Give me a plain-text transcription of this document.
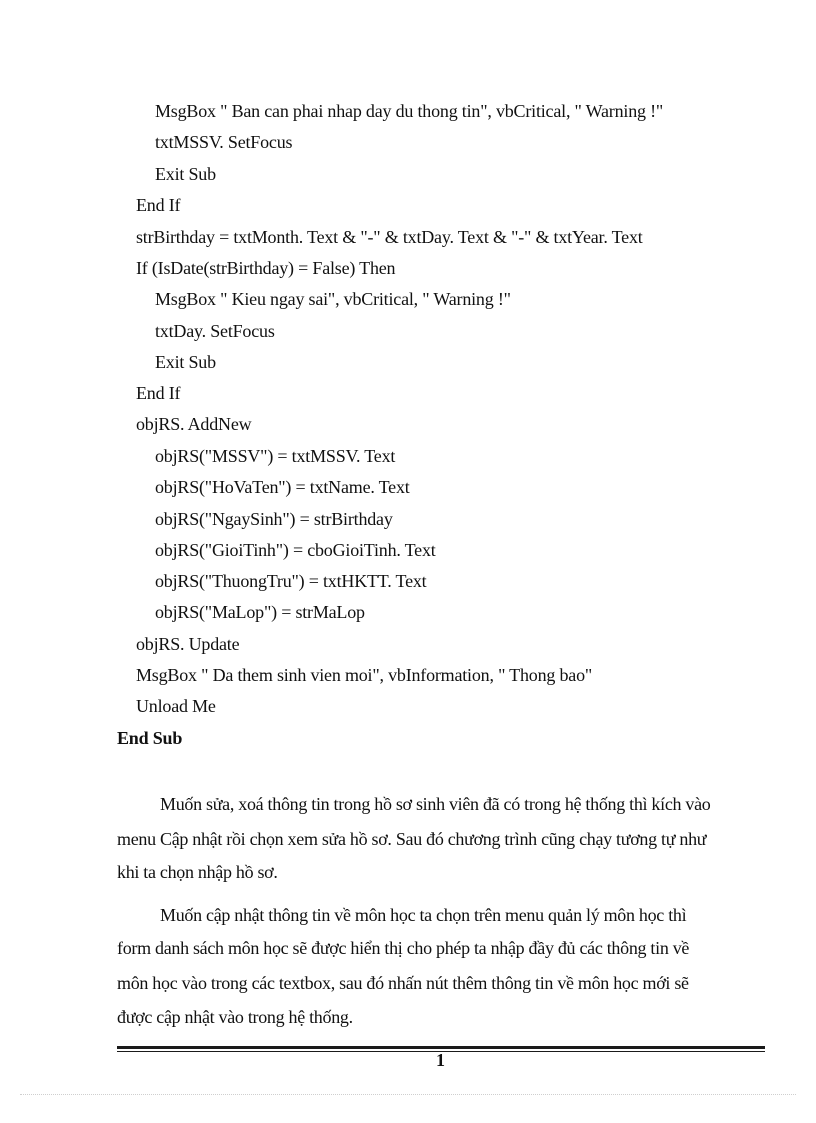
MsgBox " Ban can phai nhap day du thong tin", vbCritical, " Warning !"
txtMSSV. SetFocus
Exit Sub
End If
strBirthday = txtMonth. Text & "-" & txtDay. Text & "-" & txtYear. Text
If (IsDate(strBirthday) = False) Then
MsgBox " Kieu ngay sai", vbCritical, " Warning !"
txtDay. SetFocus
Exit Sub
End If
objRS. AddNew
objRS("MSSV") = txtMSSV. Text
objRS("HoVaTen") = txtName. Text
objRS("NgaySinh") = strBirthday
objRS("GioiTinh") = cboGioiTinh. Text
objRS("ThuongTru") = txtHKTT. Text
objRS("MaLop") = strMaLop
objRS. Update
MsgBox " Da them sinh vien moi", vbInformation, " Thong bao"
Unload Me
End Sub
Muốn sửa, xoá thông tin trong hồ sơ sinh viên đã có trong hệ thống thì kích vào
menu Cập nhật rồi chọn xem sửa hồ sơ. Sau đó chương trình cũng chạy tương tự như
khi ta chọn nhập hồ sơ.
Muốn cập nhật thông tin về môn học ta chọn trên menu quản lý môn học thì
form danh sách môn học sẽ được hiển thị cho phép ta nhập đầy đủ các thông tin về
môn học vào trong các textbox, sau đó nhấn nút thêm thông tin về môn học mới sẽ
được cập nhật vào trong hệ thống.
1
